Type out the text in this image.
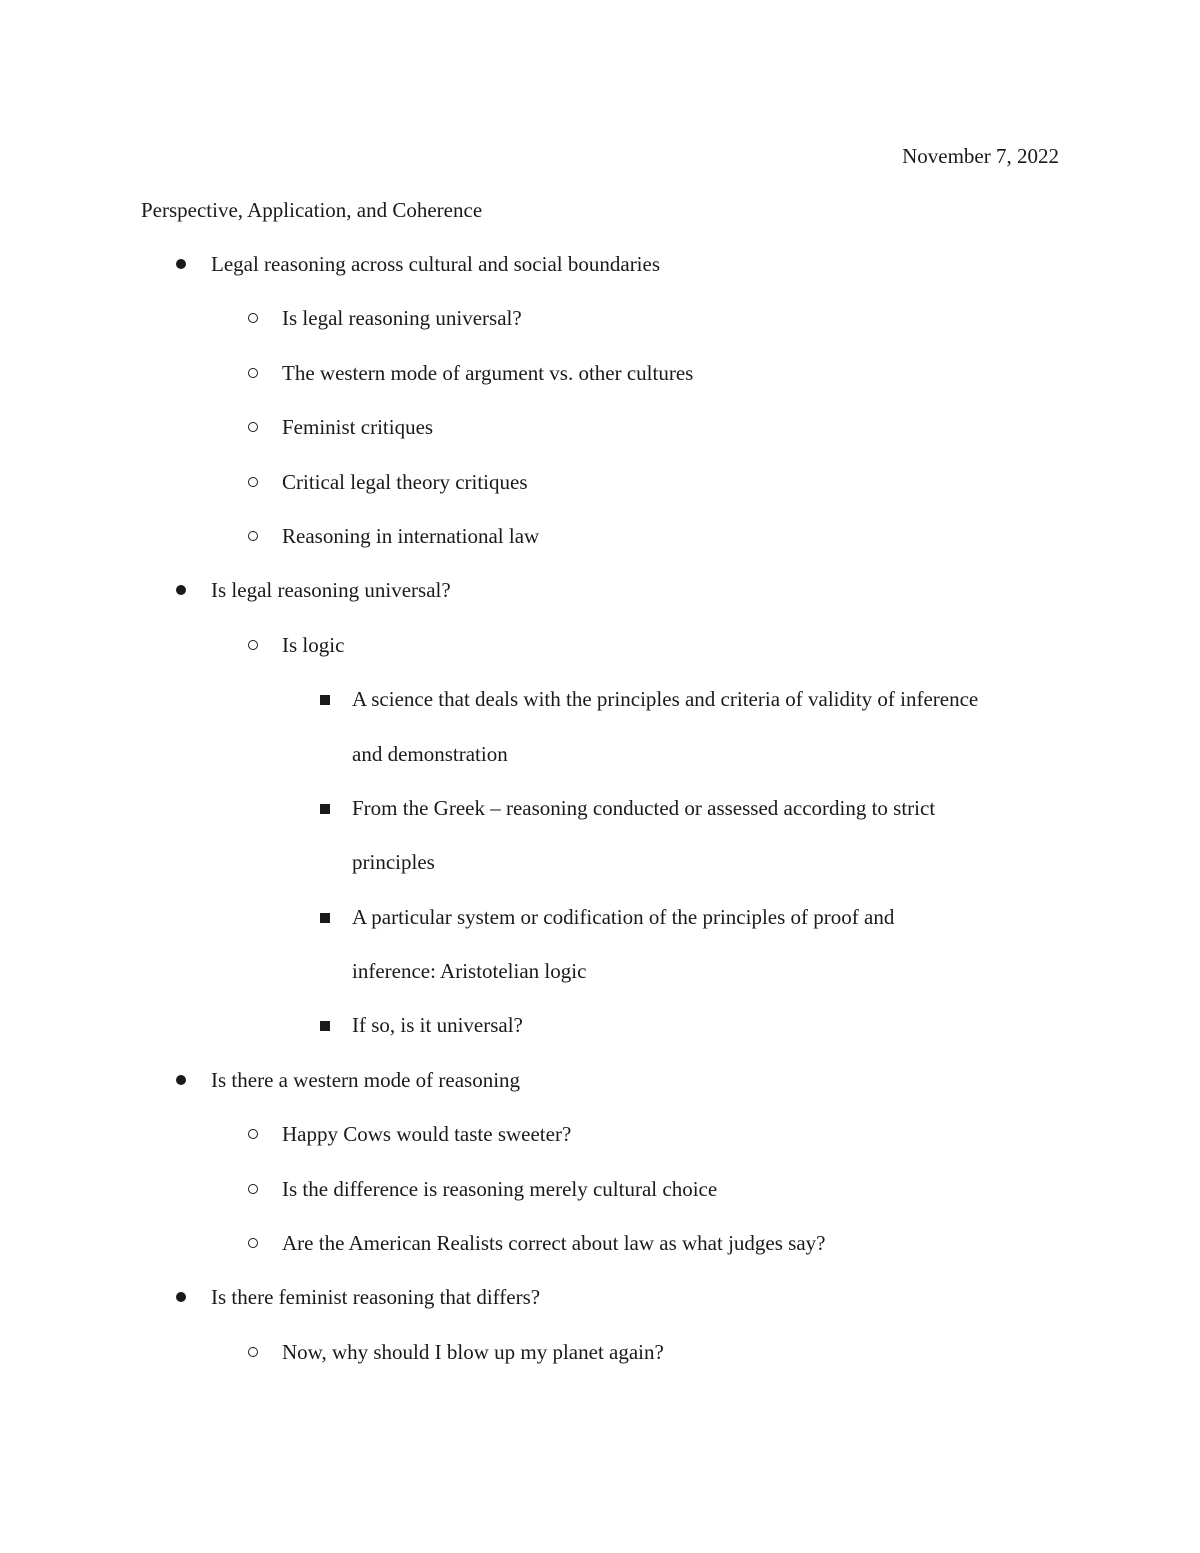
November 7, 2022
Perspective, Application, and Coherence
Legal reasoning across cultural and social boundaries
Is legal reasoning universal?
The western mode of argument vs. other cultures
Feminist critiques
Critical legal theory critiques
Reasoning in international law
Is legal reasoning universal?
Is logic
A science that deals with the principles and criteria of validity of inference
and demonstration
From the Greek – reasoning conducted or assessed according to strict
principles
A particular system or codification of the principles of proof and
inference: Aristotelian logic
If so, is it universal?
Is there a western mode of reasoning
Happy Cows would taste sweeter?
Is the difference is reasoning merely cultural choice
Are the American Realists correct about law as what judges say?
Is there feminist reasoning that differs?
Now, why should I blow up my planet again?
